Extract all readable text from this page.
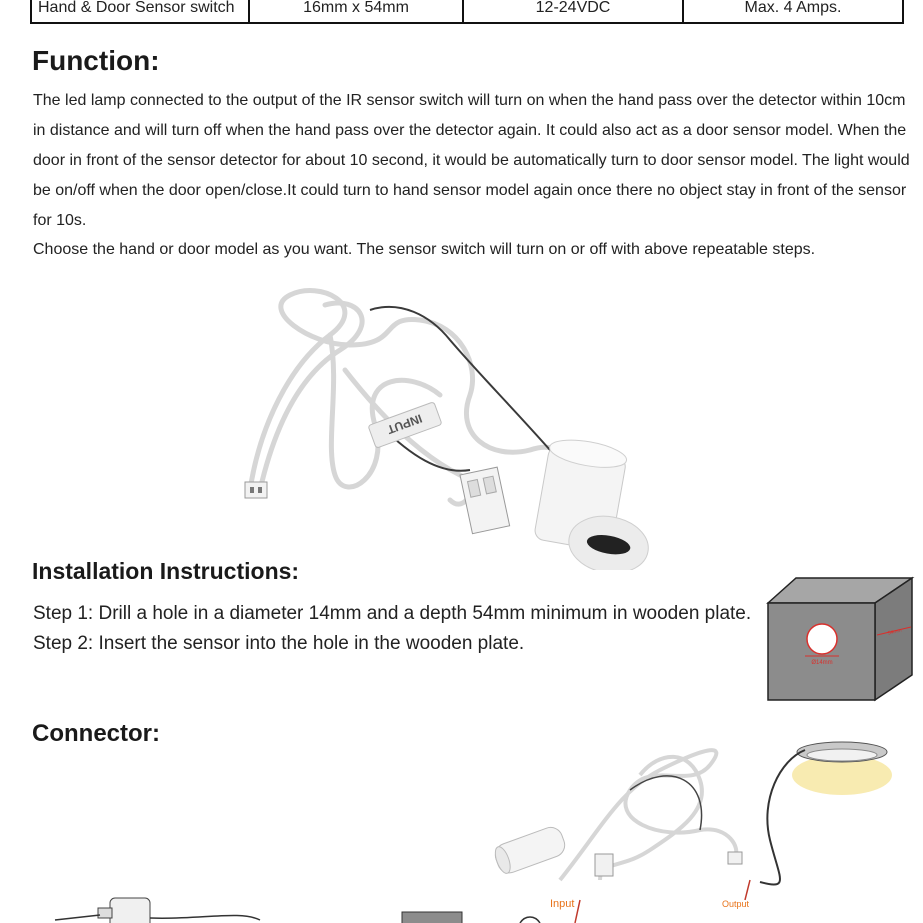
Hand & Door Sensor switch	16mm x 54mm	12-24VDC	Max. 4 Amps.
Function:

The led lamp connected to the output of the IR sensor switch will turn on when the hand pass over the detector within 10cm in distance and will turn off when the hand pass over the detector again. It could also act as a door sensor model. When the door in front of the sensor detector for about 10 second, it would be automatically turn to door sensor model. The light would be on/off when the door open/close.It could turn to hand sensor model again once there no object stay in front of the sensor for 10s.

Choose the hand or door model as you want. The sensor switch will turn on or off with above repeatable steps.

INPUT
Installation Instructions:

Step 1: Drill a hole in a diameter 14mm and a depth 54mm minimum in wooden plate.

Step 2: Insert the sensor into the hole in the wooden plate.

Ø14mm
54mm
Connector:
Input	Output
